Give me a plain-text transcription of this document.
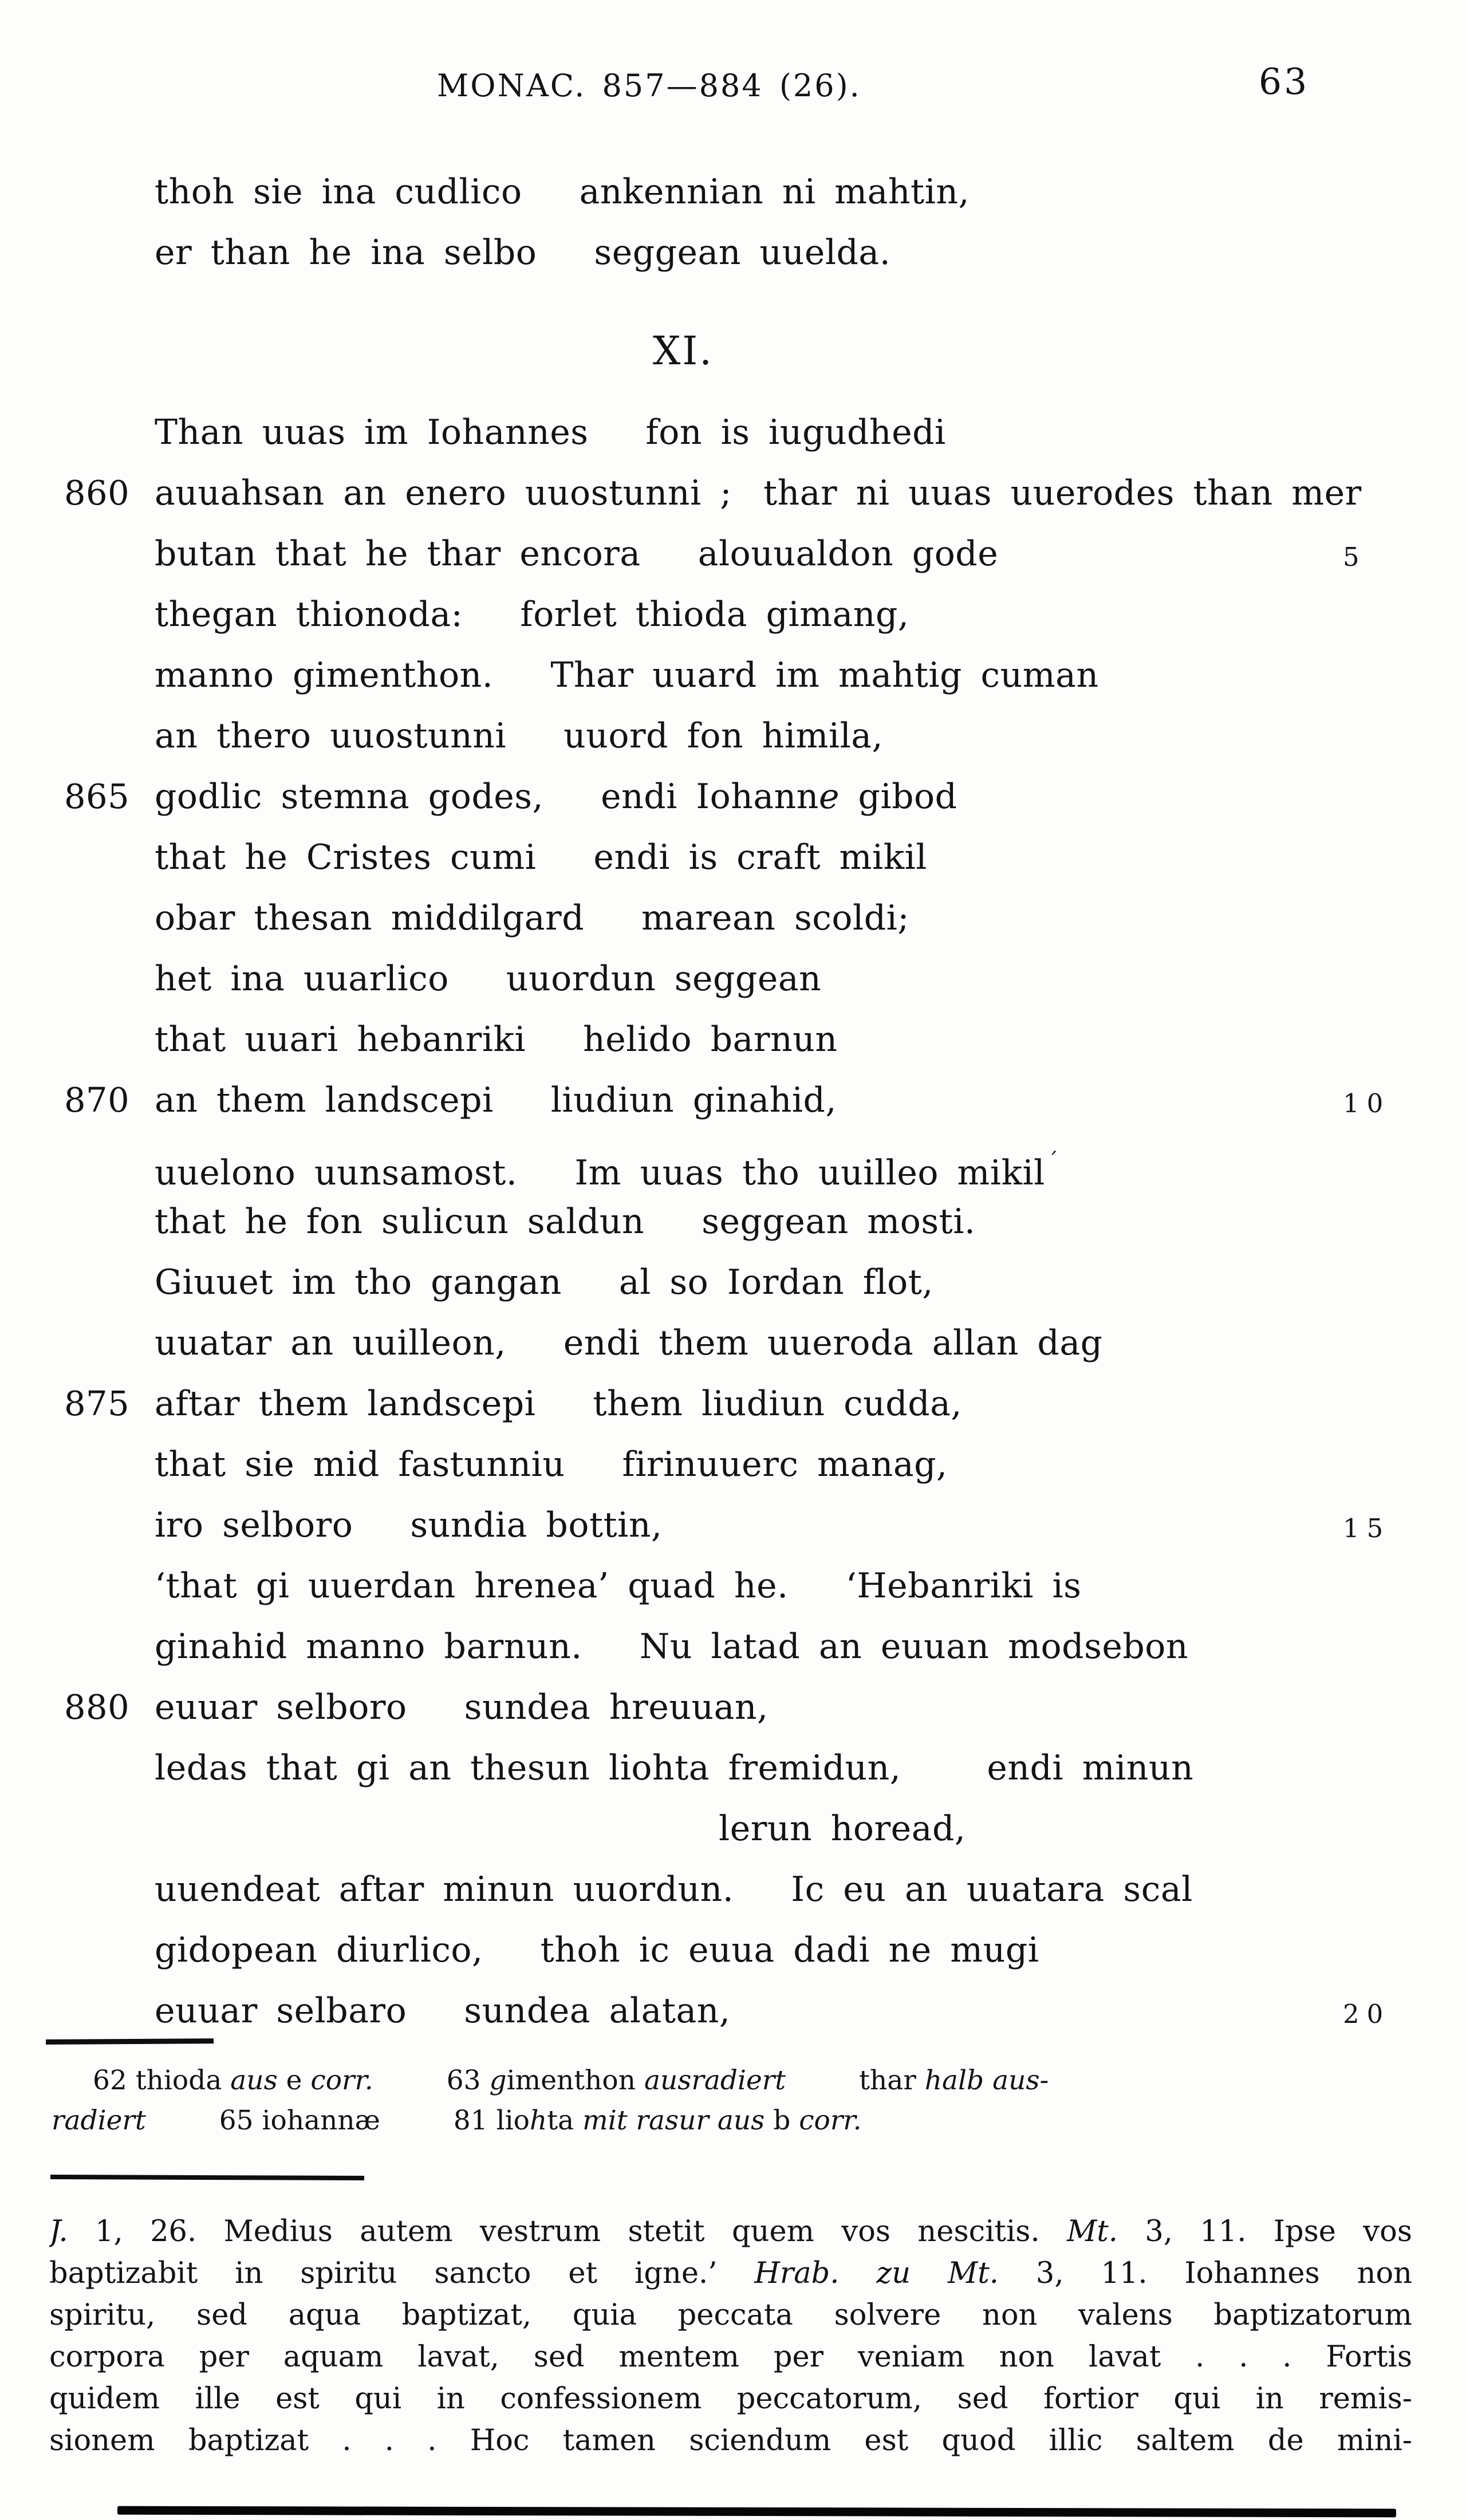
MONAC. 857—884 (26).	63
thoh sie ina cudlico ankennian ni mahtin,
er than he ina selbo seggean uuelda.
XI.
Than uuas im Iohannes fon is iugudhedi
860 auuahsan an enero uuostunni ; thar ni uuas uuerodes than mer
butan that he thar encora alouualdon gode	5
thegan thionoda: forlet thioda gimang,
manno gimenthon. Thar uuard im mahtig cuman
an thero uuostunni uuord fon himila,
865 godlic stemna godes, endi Iohanne gibod
that he Cristes cumi endi is craft mikil
obar thesan middilgard marean scoldi;
het ina uuarlico uuordun seggean
that uuari hebanriki helido barnun
870 an them landscepi liudiun ginahid,	10
uuelono uunsamost. Im uuas tho uuilleo mikil ´
that he fon sulicun saldun seggean mosti.
Giuuet im tho gangan al so Iordan flot,
uuatar an uuilleon, endi them uueroda allan dag
875 aftar them landscepi them liudiun cudda,
that sie mid fastunniu firinuuerc manag,
iro selboro sundia bottin,	15
‘that gi uuerdan hrenea’ quad he. ‘Hebanriki is
ginahid manno barnun. Nu latad an euuan modsebon
880 euuar selboro sundea hreuuan,
ledas that gi an thesun liohta fremidun,	endi minun
lerun horead,
uuendeat aftar minun uuordun. Ic eu an uuatara scal
gidopean diurlico, thoh ic euua dadi ne mugi
euuar selbaro sundea alatan,	20
62 thioda aus e corr.	63 gimenthon ausradiert	thar halb aus-
radiert	65 iohannæ	81 liohta mit rasur aus b corr.
J. 1, 26. Medius autem vestrum stetit quem vos nescitis. Mt. 3, 11. Ipse vos
baptizabit in spiritu sancto et igne.’ Hrab. zu Mt. 3, 11. Iohannes non
spiritu, sed aqua baptizat, quia peccata solvere non valens baptizatorum
corpora per aquam lavat, sed mentem per veniam non lavat . . . Fortis
quidem ille est qui in confessionem peccatorum, sed fortior qui in remis-
sionem baptizat . . . Hoc tamen sciendum est quod illic saltem de mini-
